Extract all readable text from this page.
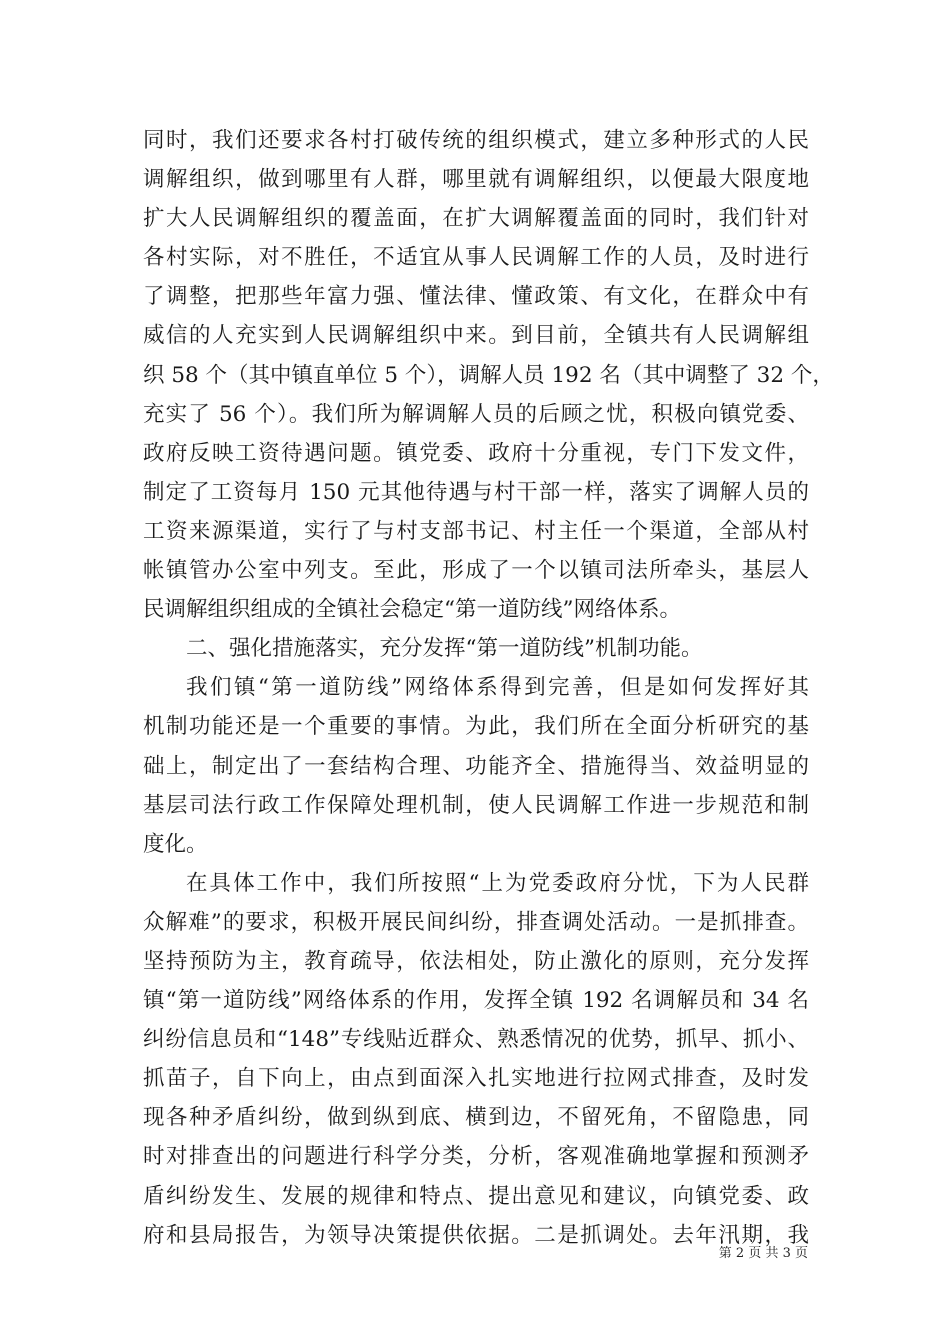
同时，我们还要求各村打破传统的组织模式，建立多种形式的人民
调解组织，做到哪里有人群，哪里就有调解组织，以便最大限度地
扩大人民调解组织的覆盖面，在扩大调解覆盖面的同时，我们针对
各村实际，对不胜任，不适宜从事人民调解工作的人员，及时进行
了调整，把那些年富力强、懂法律、懂政策、有文化，在群众中有
威信的人充实到人民调解组织中来。到目前，全镇共有人民调解组
织 58 个（其中镇直单位 5 个），调解人员 192 名（其中调整了 32 个，
充实了 56 个）。我们所为解调解人员的后顾之忧，积极向镇党委、
政府反映工资待遇问题。镇党委、政府十分重视，专门下发文件，
制定了工资每月 150 元其他待遇与村干部一样，落实了调解人员的
工资来源渠道，实行了与村支部书记、村主任一个渠道，全部从村
帐镇管办公室中列支。至此，形成了一个以镇司法所牵头，基层人
民调解组织组成的全镇社会稳定“第一道防线”网络体系。
二、强化措施落实，充分发挥“第一道防线”机制功能。
我们镇“第一道防线”网络体系得到完善，但是如何发挥好其
机制功能还是一个重要的事情。为此，我们所在全面分析研究的基
础上，制定出了一套结构合理、功能齐全、措施得当、效益明显的
基层司法行政工作保障处理机制，使人民调解工作进一步规范和制
度化。
在具体工作中，我们所按照“上为党委政府分忧，下为人民群
众解难”的要求，积极开展民间纠纷，排查调处活动。一是抓排查。
坚持预防为主，教育疏导，依法相处，防止激化的原则，充分发挥
镇“第一道防线”网络体系的作用，发挥全镇 192 名调解员和 34 名
纠纷信息员和“148”专线贴近群众、熟悉情况的优势，抓早、抓小、
抓苗子，自下向上，由点到面深入扎实地进行拉网式排查，及时发
现各种矛盾纠纷，做到纵到底、横到边，不留死角，不留隐患，同
时对排查出的问题进行科学分类，分析，客观准确地掌握和预测矛
盾纠纷发生、发展的规律和特点、提出意见和建议，向镇党委、政
府和县局报告，为领导决策提供依据。二是抓调处。去年汛期，我
第 2 页 共 3 页
